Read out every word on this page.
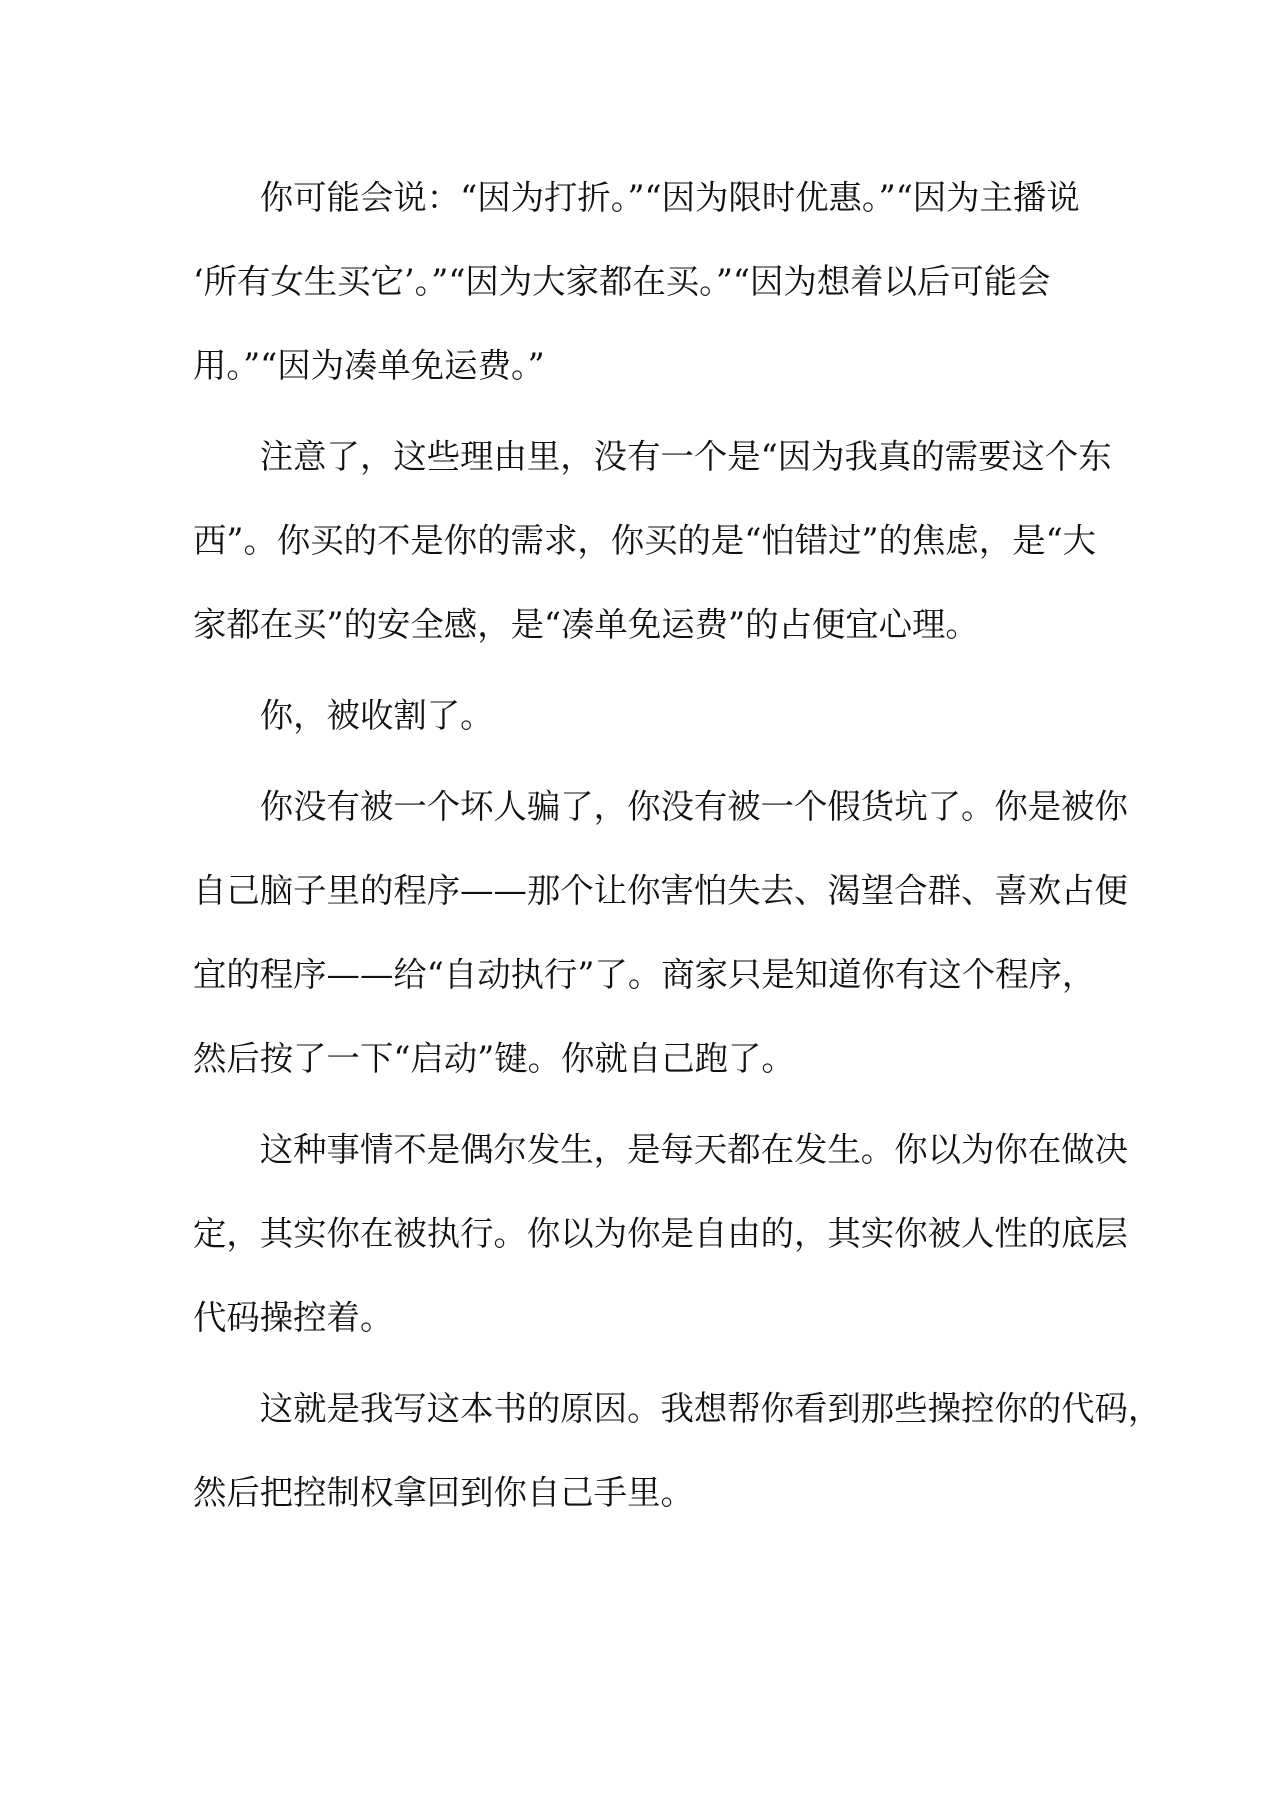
　　你可能会说：“因为打折。”“因为限时优惠。”“因为主播说
‘所有女生买它’。”“因为大家都在买。”“因为想着以后可能会
用。”“因为凑单免运费。”

　　注意了，这些理由里，没有一个是“因为我真的需要这个东
西”。你买的不是你的需求，你买的是“怕错过”的焦虑，是“大
家都在买”的安全感，是“凑单免运费”的占便宜心理。

　　你，被收割了。

　　你没有被一个坏人骗了，你没有被一个假货坑了。你是被你
自己脑子里的程序——那个让你害怕失去、渴望合群、喜欢占便
宜的程序——给“自动执行”了。商家只是知道你有这个程序，
然后按了一下“启动”键。你就自己跑了。

　　这种事情不是偶尔发生，是每天都在发生。你以为你在做决
定，其实你在被执行。你以为你是自由的，其实你被人性的底层
代码操控着。

　　这就是我写这本书的原因。我想帮你看到那些操控你的代码，
然后把控制权拿回到你自己手里。
